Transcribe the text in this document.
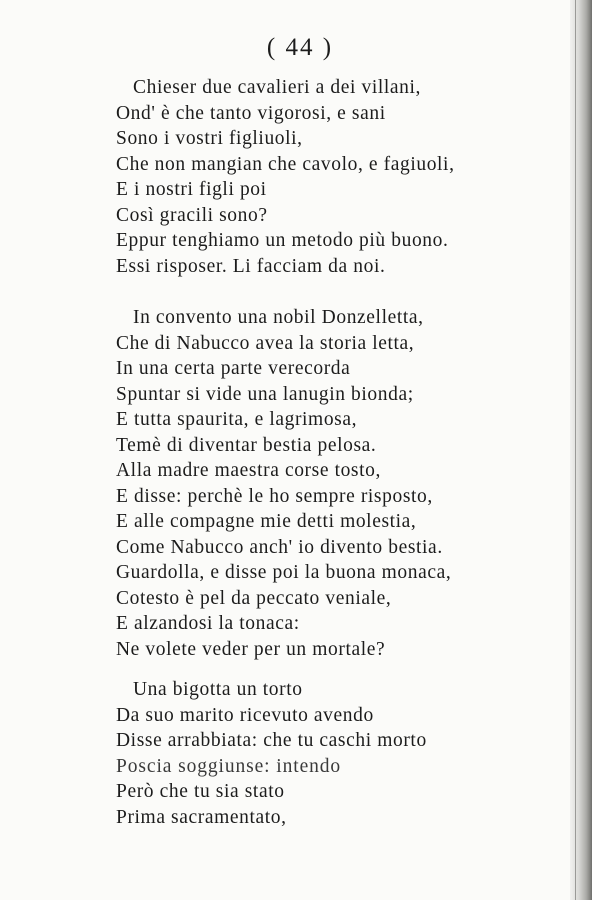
( 44 )
Chieser due cavalieri a dei villani,
Ond' è che tanto vigorosi, e sani
Sono i vostri figliuoli,
Che non mangian che cavolo, e fagiuoli,
E i nostri figli poi
Così gracili sono?
Eppur tenghiamo un metodo più buono.
Essi risposer. Li facciam da noi.
In convento una nobil Donzelletta,
Che di Nabucco avea la storia letta,
In una certa parte verecorda
Spuntar si vide una lanugin bionda;
E tutta spaurita, e lagrimosa,
Temè di diventar bestia pelosa.
Alla madre maestra corse tosto,
E disse: perchè le ho sempre risposto,
E alle compagne mie detti molestia,
Come Nabucco anch' io divento bestia.
Guardolla, e disse poi la buona monaca,
Cotesto è pel da peccato veniale,
E alzandosi la tonaca:
Ne volete veder per un mortale?
Una bigotta un torto
Da suo marito ricevuto avendo
Disse arrabbiata: che tu caschi morto
Poscia soggiunse: intendo
Però che tu sia stato
Prima sacramentato,
